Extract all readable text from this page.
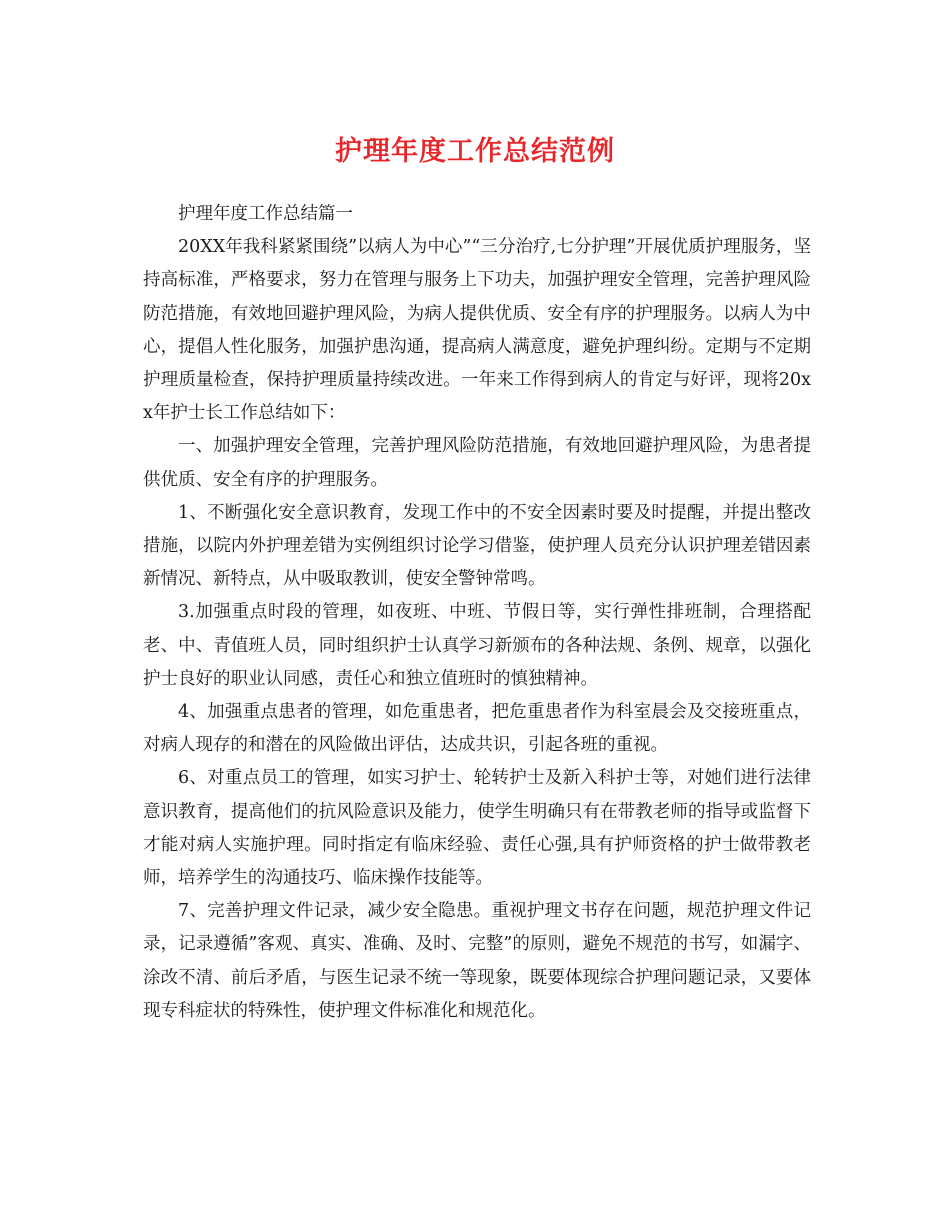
护理年度工作总结范例

护理年度工作总结篇一

20XX年我科紧紧围绕”以病人为中心”“三分治疗,七分护理”开展优质护理服务，坚持高标准，严格要求，努力在管理与服务上下功夫，加强护理安全管理，完善护理风险防范措施，有效地回避护理风险，为病人提供优质、安全有序的护理服务。以病人为中心，提倡人性化服务，加强护患沟通，提高病人满意度，避免护理纠纷。定期与不定期护理质量检查，保持护理质量持续改进。一年来工作得到病人的肯定与好评，现将20xx年护士长工作总结如下：

一、加强护理安全管理，完善护理风险防范措施，有效地回避护理风险，为患者提供优质、安全有序的护理服务。

1、不断强化安全意识教育，发现工作中的不安全因素时要及时提醒，并提出整改措施，以院内外护理差错为实例组织讨论学习借鉴，使护理人员充分认识护理差错因素新情况、新特点，从中吸取教训，使安全警钟常鸣。

3.加强重点时段的管理，如夜班、中班、节假日等，实行弹性排班制，合理搭配老、中、青值班人员，同时组织护士认真学习新颁布的各种法规、条例、规章，以强化护士良好的职业认同感，责任心和独立值班时的慎独精神。

4、加强重点患者的管理，如危重患者，把危重患者作为科室晨会及交接班重点，对病人现存的和潜在的风险做出评估，达成共识，引起各班的重视。

6、对重点员工的管理，如实习护士、轮转护士及新入科护士等，对她们进行法律意识教育，提高他们的抗风险意识及能力，使学生明确只有在带教老师的指导或监督下才能对病人实施护理。同时指定有临床经验、责任心强,具有护师资格的护士做带教老师，培养学生的沟通技巧、临床操作技能等。

7、完善护理文件记录，减少安全隐患。重视护理文书存在问题，规范护理文件记录，记录遵循”客观、真实、准确、及时、完整”的原则，避免不规范的书写，如漏字、涂改不清、前后矛盾，与医生记录不统一等现象，既要体现综合护理问题记录，又要体现专科症状的特殊性，使护理文件标准化和规范化。
